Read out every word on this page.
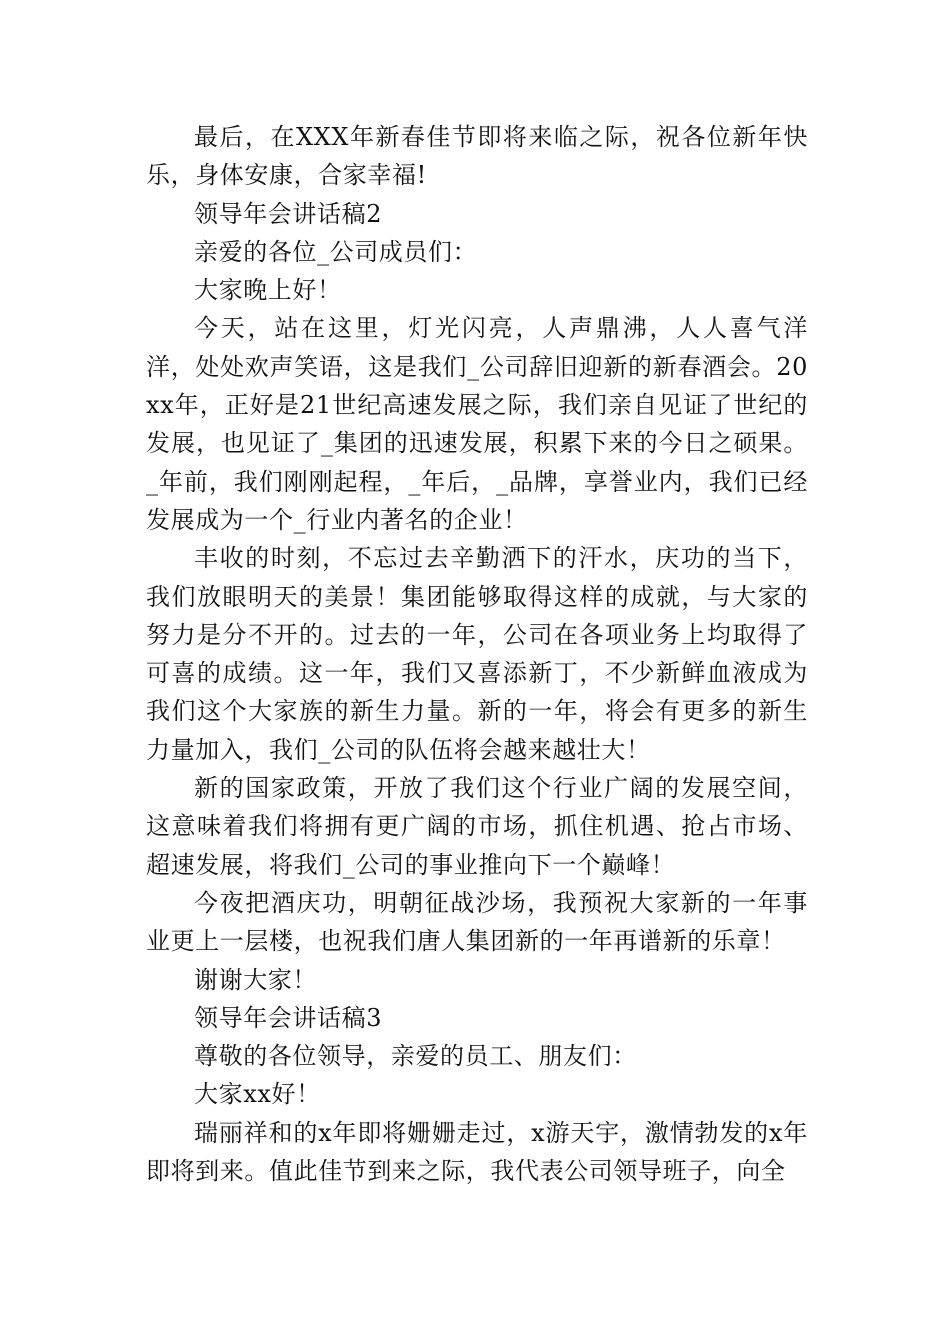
最后，在XXX年新春佳节即将来临之际，祝各位新年快乐，身体安康，合家幸福!

领导年会讲话稿2

亲爱的各位_公司成员们：

大家晚上好！

今天，站在这里，灯光闪亮，人声鼎沸，人人喜气洋洋，处处欢声笑语，这是我们_公司辞旧迎新的新春酒会。20xx年，正好是21世纪高速发展之际，我们亲自见证了世纪的发展，也见证了_集团的迅速发展，积累下来的今日之硕果。_年前，我们刚刚起程，_年后，_品牌，享誉业内，我们已经发展成为一个_行业内著名的企业！

丰收的时刻，不忘过去辛勤洒下的汗水，庆功的当下，我们放眼明天的美景！集团能够取得这样的成就，与大家的努力是分不开的。过去的一年，公司在各项业务上均取得了可喜的成绩。这一年，我们又喜添新丁，不少新鲜血液成为我们这个大家族的新生力量。新的一年，将会有更多的新生力量加入，我们_公司的队伍将会越来越壮大！

新的国家政策，开放了我们这个行业广阔的发展空间，这意味着我们将拥有更广阔的市场，抓住机遇、抢占市场、超速发展，将我们_公司的事业推向下一个巅峰！

今夜把酒庆功，明朝征战沙场，我预祝大家新的一年事业更上一层楼，也祝我们唐人集团新的一年再谱新的乐章！

谢谢大家！

领导年会讲话稿3

尊敬的各位领导，亲爱的员工、朋友们：

大家xx好！

瑞丽祥和的x年即将姗姗走过，x游天宇，激情勃发的x年即将到来。值此佳节到来之际，我代表公司领导班子，向全
